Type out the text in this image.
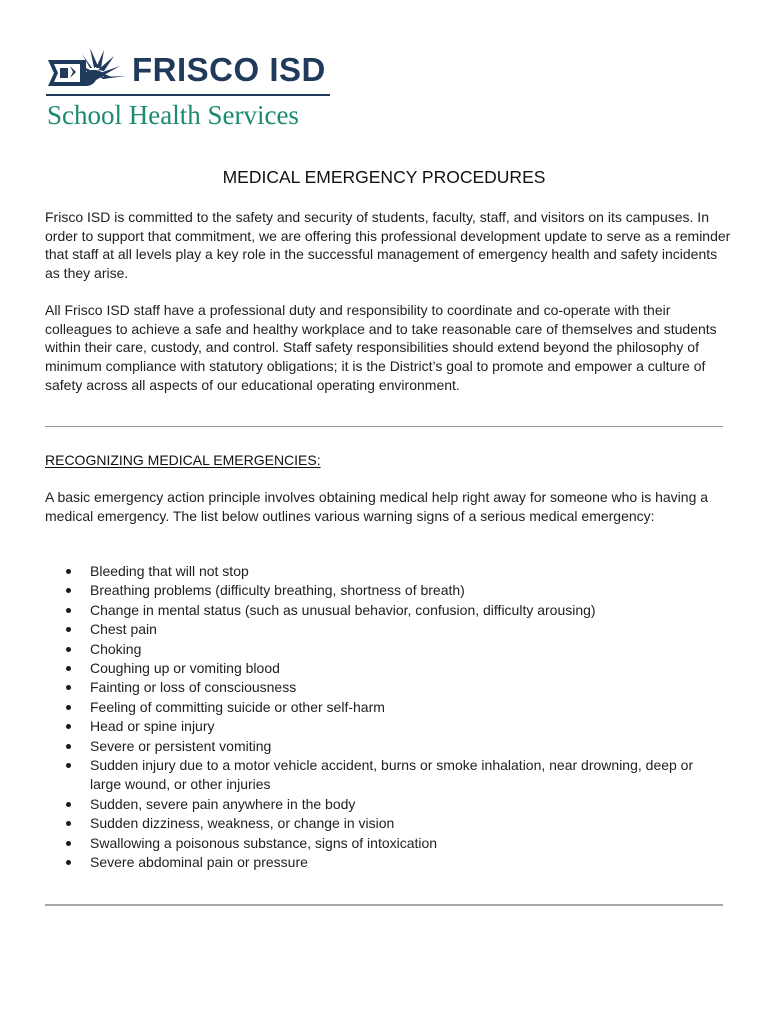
FRISCO ISD
School Health Services
MEDICAL EMERGENCY PROCEDURES

Frisco ISD is committed to the safety and security of students, faculty, staff, and visitors on its campuses. In order to support that commitment, we are offering this professional development update to serve as a reminder that staff at all levels play a key role in the successful management of emergency health and safety incidents as they arise.

All Frisco ISD staff have a professional duty and responsibility to coordinate and co-operate with their colleagues to achieve a safe and healthy workplace and to take reasonable care of themselves and students within their care, custody, and control. Staff safety responsibilities should extend beyond the philosophy of minimum compliance with statutory obligations; it is the District’s goal to promote and empower a culture of safety across all aspects of our educational operating environment.

RECOGNIZING MEDICAL EMERGENCIES:

A basic emergency action principle involves obtaining medical help right away for someone who is having a medical emergency. The list below outlines various warning signs of a serious medical emergency:

Bleeding that will not stop
Breathing problems (difficulty breathing, shortness of breath)
Change in mental status (such as unusual behavior, confusion, difficulty arousing)
Chest pain
Choking
Coughing up or vomiting blood
Fainting or loss of consciousness
Feeling of committing suicide or other self-harm
Head or spine injury
Severe or persistent vomiting
Sudden injury due to a motor vehicle accident, burns or smoke inhalation, near drowning, deep or large wound, or other injuries
Sudden, severe pain anywhere in the body
Sudden dizziness, weakness, or change in vision
Swallowing a poisonous substance, signs of intoxication
Severe abdominal pain or pressure
